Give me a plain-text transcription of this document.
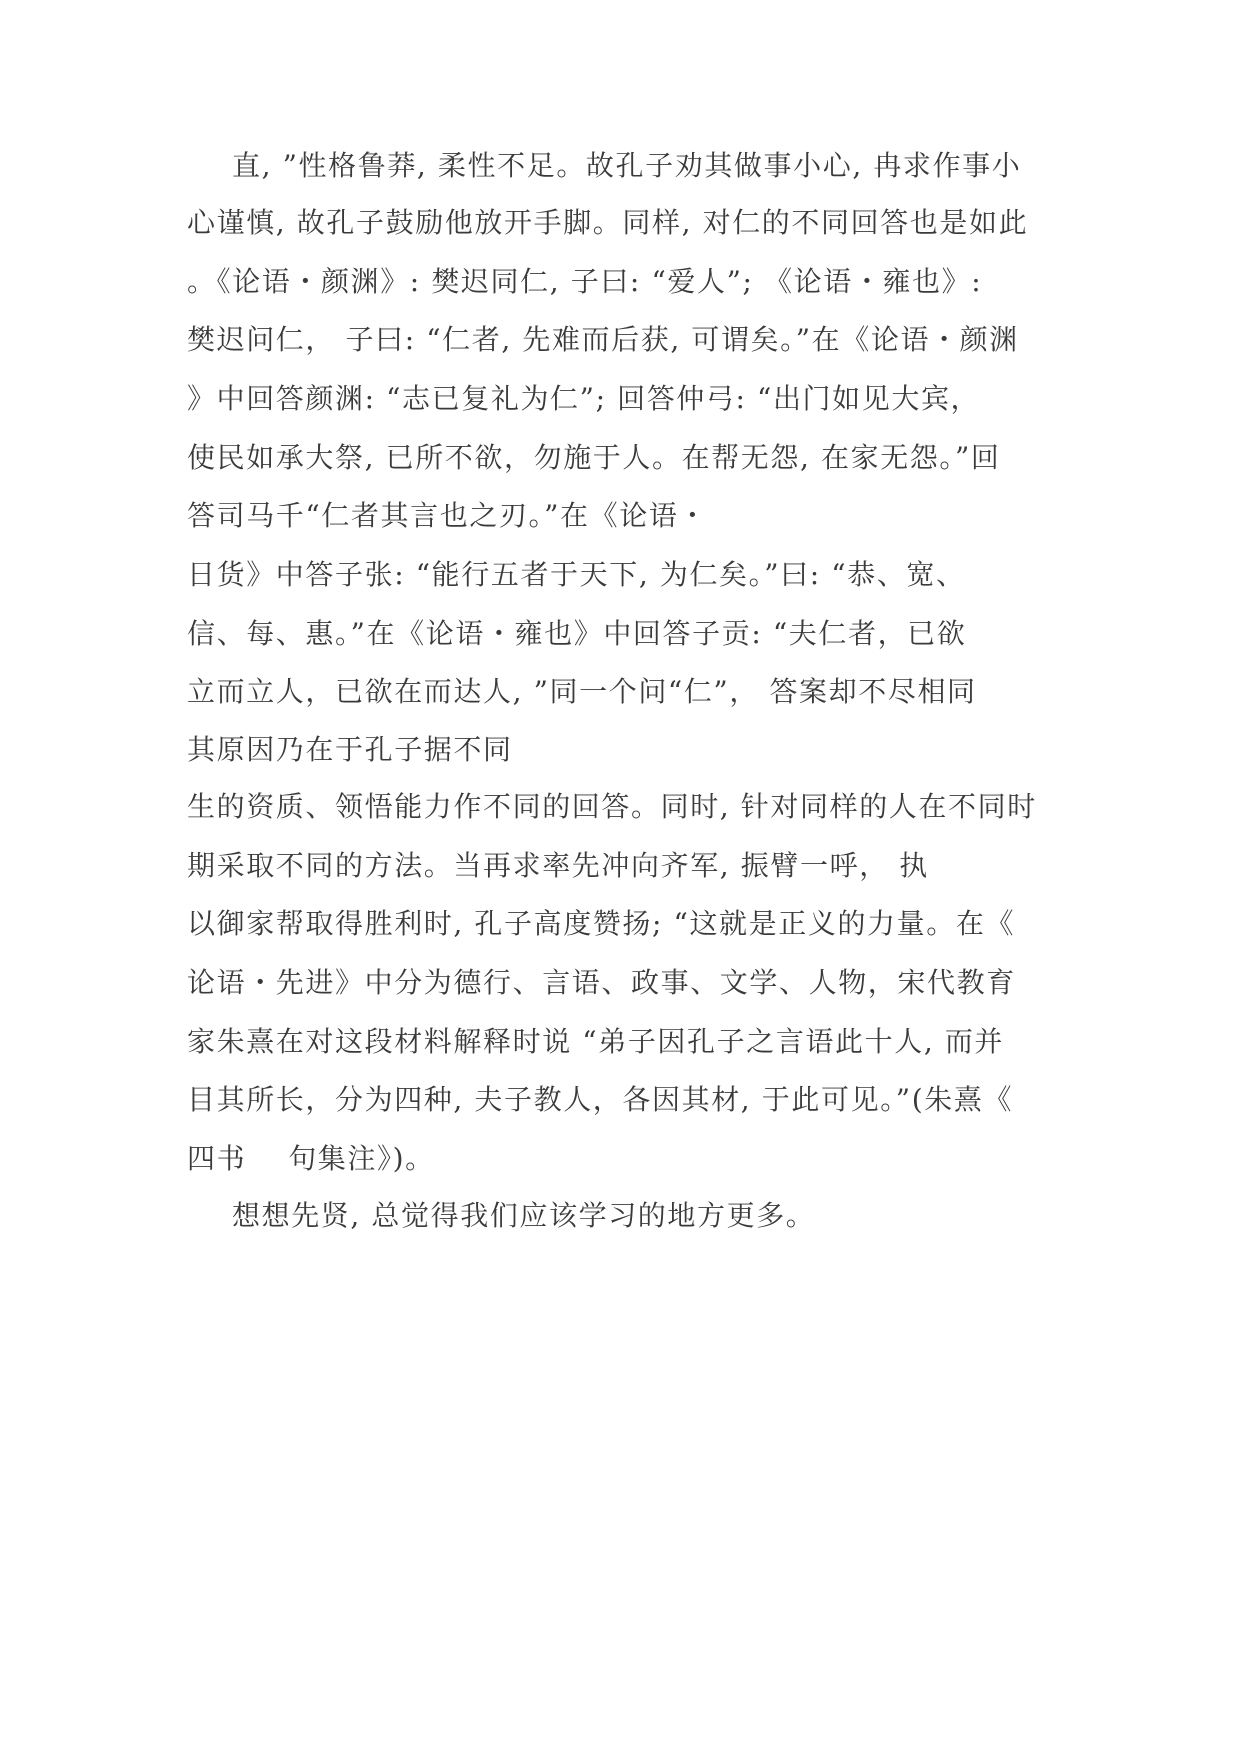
直, ”性格鲁莽, 柔性不足。故孔子劝其做事小心, 冉求作事小
心谨慎, 故孔子鼓励他放开手脚。同样, 对仁的不同回答也是如此
。《论语・颜渊》: 樊迟同仁, 子曰: “爱人”; 《论语・雍也》:
樊迟问仁， 子曰: “仁者, 先难而后获, 可谓矣。”在《论语・颜渊
》中回答颜渊: “志已复礼为仁”; 回答仲弓: “出门如见大宾，
使民如承大祭, 已所不欲，勿施于人。在帮无怨, 在家无怨。”回
答司马千“仁者其言也之刃。”在《论语・
日货》中答子张: “能行五者于天下, 为仁矣。”曰: “恭、宽、
信、每、惠。”在《论语・雍也》中回答子贡: “夫仁者，已欲
立而立人，已欲在而达人, ”同一个问“仁”， 答案却不尽相同
其原因乃在于孔子据不同
生的资质、领悟能力作不同的回答。同时, 针对同样的人在不同时
期采取不同的方法。当再求率先冲向齐军, 振臂一呼， 执
以御家帮取得胜利时, 孔子高度赞扬; “这就是正义的力量。在《
论语・先进》中分为德行、言语、政事、文学、人物，宋代教育
家朱熹在对这段材料解释时说 “弟子因孔子之言语此十人, 而并
目其所长，分为四种, 夫子教人，各因其材, 于此可见。”(朱熹《
四书    句集注》)。
想想先贤, 总觉得我们应该学习的地方更多。
